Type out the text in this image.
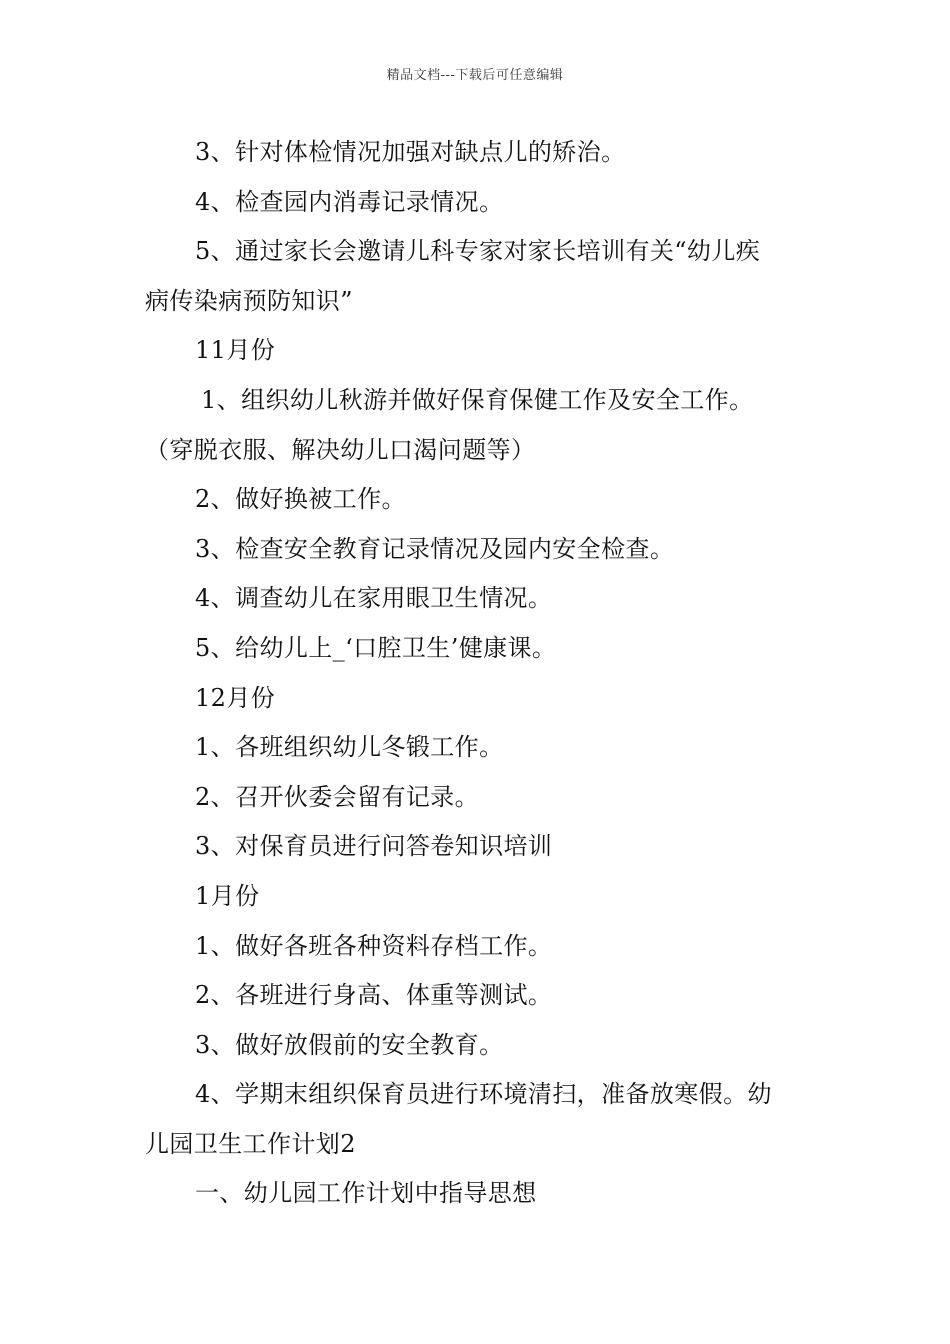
精品文档---下载后可任意编辑
3、针对体检情况加强对缺点儿的矫治。
4、检查园内消毒记录情况。
5、通过家长会邀请儿科专家对家长培训有关“幼儿疾
病传染病预防知识”
11月份
1、组织幼儿秋游并做好保育保健工作及安全工作。
（穿脱衣服、解决幼儿口渴问题等）
2、做好换被工作。
3、检查安全教育记录情况及园内安全检查。
4、调查幼儿在家用眼卫生情况。
5、给幼儿上_‘口腔卫生’健康课。
12月份
1、各班组织幼儿冬锻工作。
2、召开伙委会留有记录。
3、对保育员进行问答卷知识培训
1月份
1、做好各班各种资料存档工作。
2、各班进行身高、体重等测试。
3、做好放假前的安全教育。
4、学期末组织保育员进行环境清扫，准备放寒假。幼
儿园卫生工作计划2
一、幼儿园工作计划中指导思想
